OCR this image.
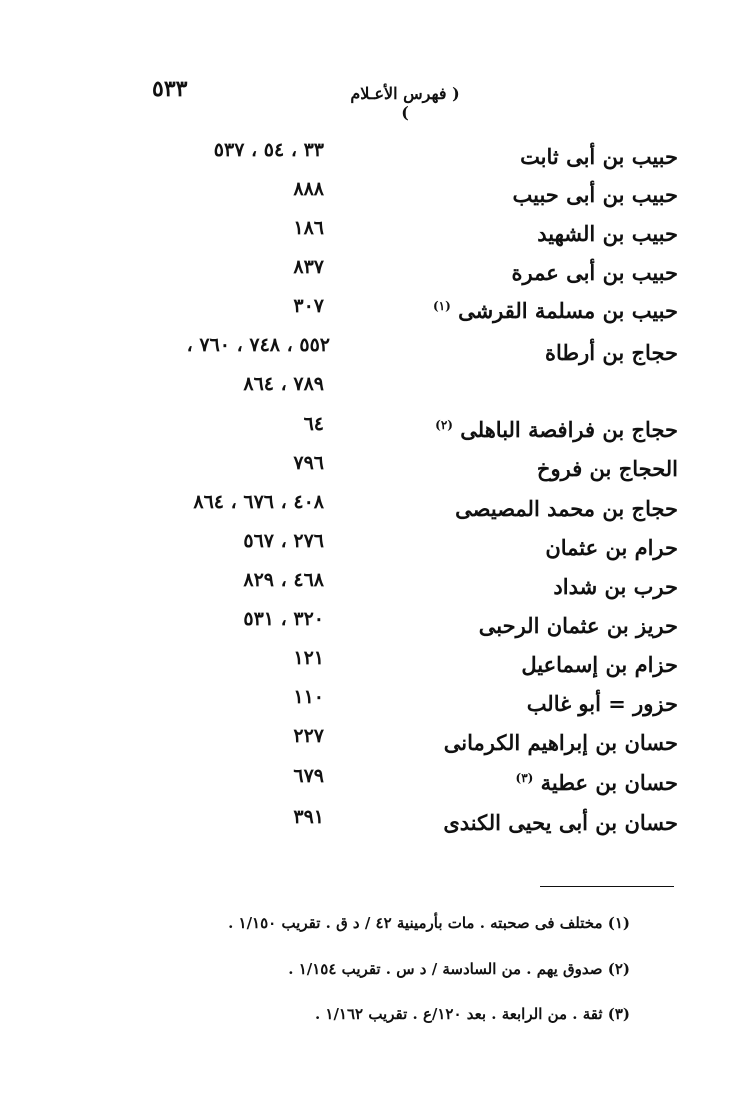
٥٣٣	( فهرس الأعـلام )
حبيب بن أبى ثابت
٣٣ ، ٥٤ ، ٥٣٧
حبيب بن أبى حبيب
٨٨٨
حبيب بن الشهيد
١٨٦
حبيب بن أبى عمرة
٨٣٧
حبيب بن مسلمة القرشى $^{(١)}$
٣٠٧
حجاج بن أرطاة
٥٥٢ ، ٧٤٨ ، ٧٦٠ ،
٧٨٩ ، ٨٦٤
حجاج بن فرافصة الباهلى $^{(٢)}$
٦٤
الحجاج بن فروخ
٧٩٦
حجاج بن محمد المصيصى
٤٠٨ ، ٦٧٦ ، ٨٦٤
حرام بن عثمان
٢٧٦ ، ٥٦٧
حرب بن شداد
٤٦٨ ، ٨٢٩
حريز بن عثمان الرحبى
٣٢٠ ، ٥٣١
حزام بن إسماعيل
١٢١
حزور = أبو غالب
١١٠
حسان بن إبراهيم الكرمانى
٢٢٧
حسان بن عطية $^{(٣)}$
٦٧٩
حسان بن أبى يحيى الكندى
٣٩١
(١) مختلف فى صحبته . مات بأرمينية ٤٢ / د ق . تقريب ١/١٥٠ .
(٢) صدوق يهم . من السادسة / د س . تقريب ١/١٥٤ .
(٣) ثقة . من الرابعة . بعد ١٢٠/ع . تقريب ١/١٦٢ .
